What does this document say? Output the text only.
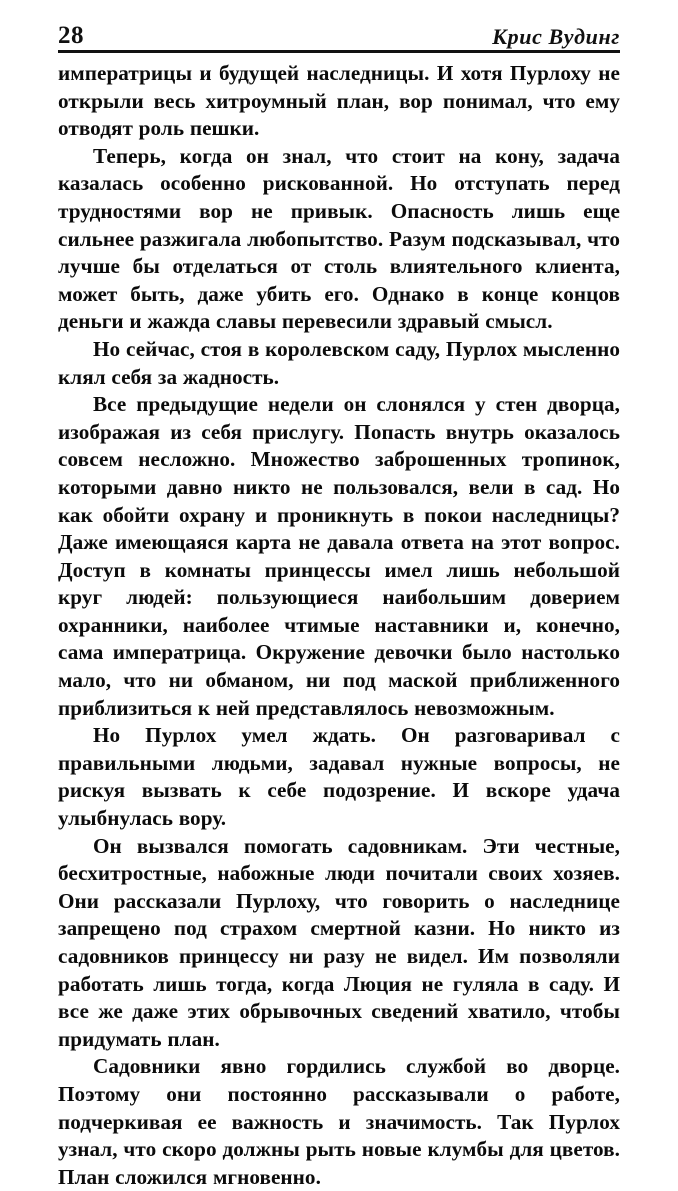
28	Крис Вудинг

императрицы и будущей наследницы. И хотя Пурлоху не открыли весь хитроумный план, вор понимал, что ему отводят роль пешки.

Теперь, когда он знал, что стоит на кону, задача казалась особенно рискованной. Но отступать перед трудностями вор не привык. Опасность лишь еще сильнее разжигала любопытство. Разум подсказывал, что лучше бы отделаться от столь влиятельного клиента, может быть, даже убить его. Однако в конце концов деньги и жажда славы перевесили здравый смысл.

Но сейчас, стоя в королевском саду, Пурлох мысленно клял себя за жадность.

Все предыдущие недели он слонялся у стен дворца, изображая из себя прислугу. Попасть внутрь оказалось совсем несложно. Множество заброшенных тропинок, которыми давно никто не пользовался, вели в сад. Но как обойти охрану и проникнуть в покои наследницы? Даже имеющаяся карта не давала ответа на этот вопрос. Доступ в комнаты принцессы имел лишь небольшой круг людей: пользующиеся наибольшим доверием охранники, наиболее чтимые наставники и, конечно, сама императрица. Окружение девочки было настолько мало, что ни обманом, ни под маской приближенного приблизиться к ней представлялось невозможным.

Но Пурлох умел ждать. Он разговаривал с правильными людьми, задавал нужные вопросы, не рискуя вызвать к себе подозрение. И вскоре удача улыбнулась вору.

Он вызвался помогать садовникам. Эти честные, бесхитростные, набожные люди почитали своих хозяев. Они рассказали Пурлоху, что говорить о наследнице запрещено под страхом смертной казни. Но никто из садовников принцессу ни разу не видел. Им позволяли работать лишь тогда, когда Люция не гуляла в саду. И все же даже этих обрывочных сведений хватило, чтобы придумать план.

Садовники явно гордились службой во дворце. Поэтому они постоянно рассказывали о работе, подчеркивая ее важность и значимость. Так Пурлох узнал, что скоро должны рыть новые клумбы для цветов. План сложился мгновенно.
